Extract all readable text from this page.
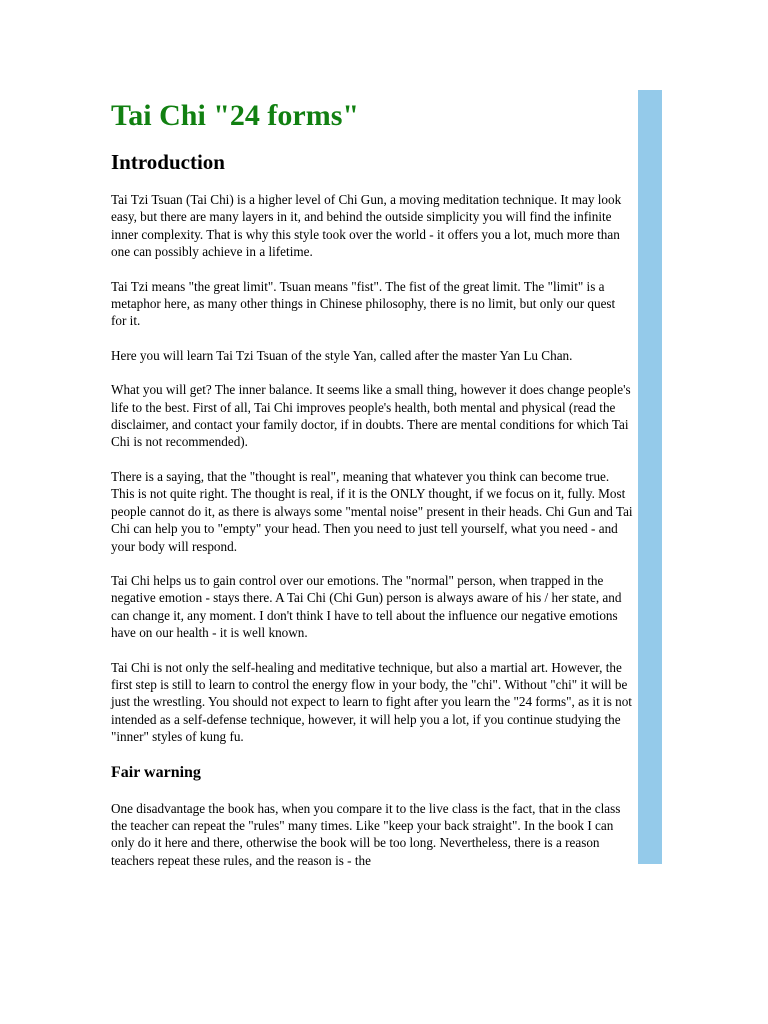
Tai Chi "24 forms"
Introduction

Tai Tzi Tsuan (Tai Chi) is a higher level of Chi Gun, a moving meditation technique. It may look easy, but there are many layers in it, and behind the outside simplicity you will find the infinite inner complexity. That is why this style took over the world - it offers you a lot, much more than one can possibly achieve in a lifetime.

Tai Tzi means "the great limit". Tsuan means "fist". The fist of the great limit. The "limit" is a metaphor here, as many other things in Chinese philosophy, there is no limit, but only our quest for it.

Here you will learn Tai Tzi Tsuan of the style Yan, called after the master Yan Lu Chan.

What you will get? The inner balance. It seems like a small thing, however it does change people's life to the best. First of all, Tai Chi improves people's health, both mental and physical (read the disclaimer, and contact your family doctor, if in doubts. There are mental conditions for which Tai Chi is not recommended).

There is a saying, that the "thought is real", meaning that whatever you think can become true. This is not quite right. The thought is real, if it is the ONLY thought, if we focus on it, fully. Most people cannot do it, as there is always some "mental noise" present in their heads. Chi Gun and Tai Chi can help you to "empty" your head. Then you need to just tell yourself, what you need - and your body will respond.

Tai Chi helps us to gain control over our emotions. The "normal" person, when trapped in the negative emotion - stays there. A Tai Chi (Chi Gun) person is always aware of his / her state, and can change it, any moment. I don't think I have to tell about the influence our negative emotions have on our health - it is well known.

Tai Chi is not only the self-healing and meditative technique, but also a martial art. However, the first step is still to learn to control the energy flow in your body, the "chi". Without "chi" it will be just the wrestling. You should not expect to learn to fight after you learn the "24 forms", as it is not intended as a self-defense technique, however, it will help you a lot, if you continue studying the "inner" styles of kung fu.

Fair warning

One disadvantage the book has, when you compare it to the live class is the fact, that in the class the teacher can repeat the "rules" many times. Like "keep your back straight". In the book I can only do it here and there, otherwise the book will be too long. Nevertheless, there is a reason teachers repeat these rules, and the reason is - the
